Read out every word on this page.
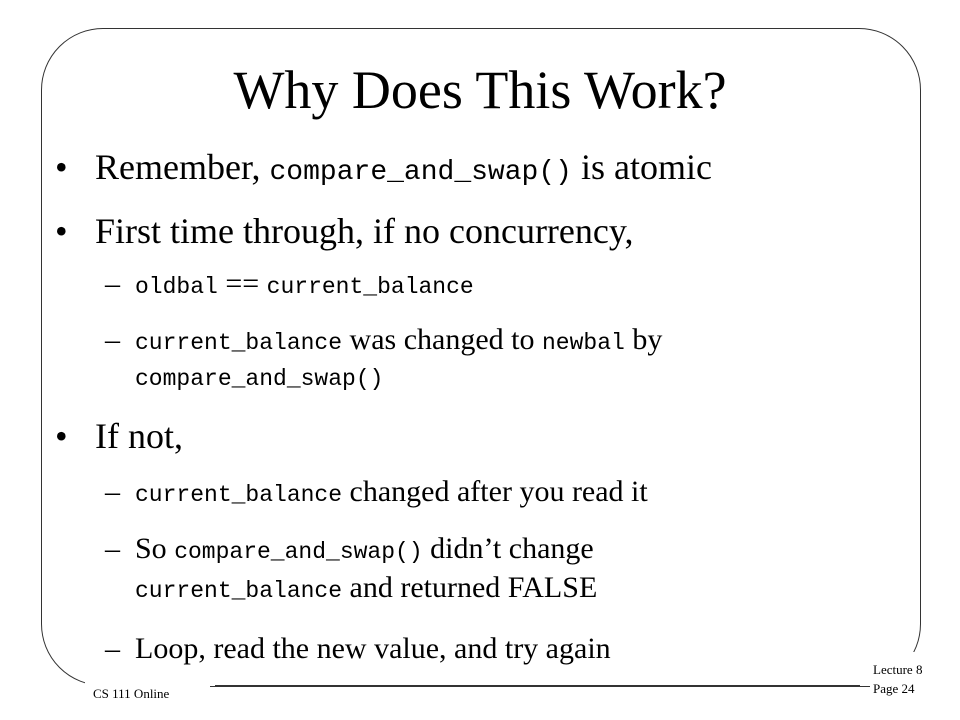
Why Does This Work?
• Remember, compare_and_swap() is atomic
• First time through, if no concurrency,
– oldbal == current_balance
– current_balance was changed to newbal by
compare_and_swap()
• If not,
– current_balance changed after you read it
– So compare_and_swap() didn’t change
current_balance and returned FALSE
– Loop, read the new value, and try again
CS 111 Online
Lecture 8
Page 24
